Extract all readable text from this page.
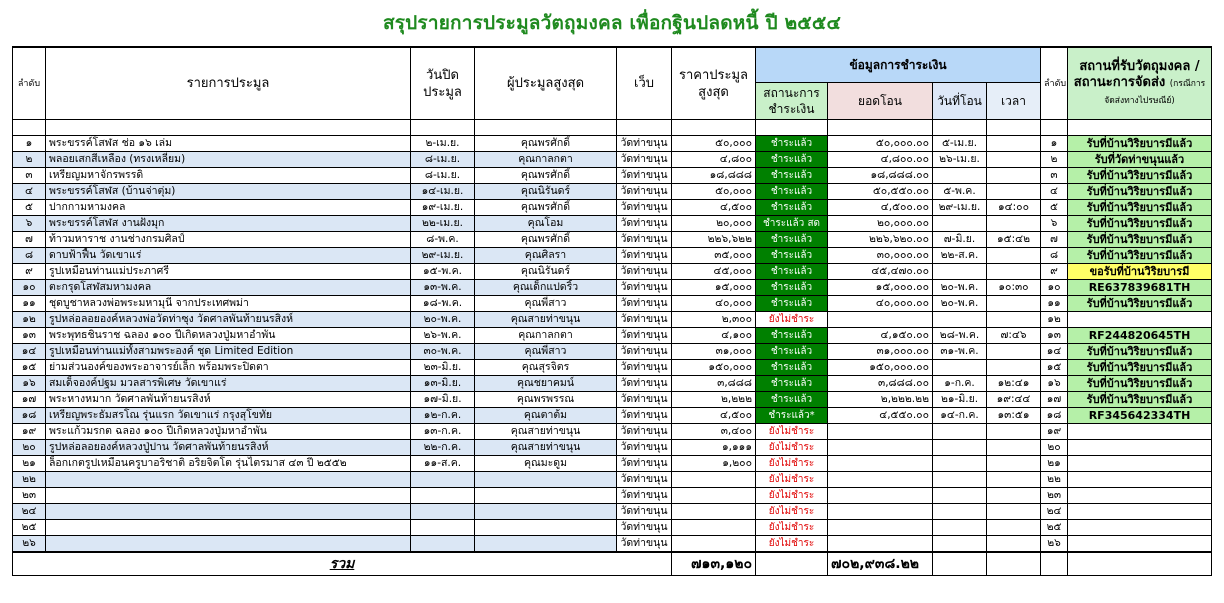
สรุปรายการประมูลวัตถุมงคล เพื่อกฐินปลดหนี้ ปี ๒๕๕๔
ลำดับ	รายการประมูล	วันปิดประมูล	ผู้ประมูลสูงสุด	เว็บ	ราคาประมูลสูงสุด	ข้อมูลการชำระเงิน				ลำดับ	สถานที่รับวัตถุมงคล / สถานะการจัดส่ง (กรณีการจัดส่งทางไปรษณีย์)
						สถานะการชำระเงิน	ยอดโอน	วันที่โอน	เวลา		

๑	พระขรรค์โสฬส ช่อ ๑๖ เล่ม	๒-เม.ย.	คุณพรศักดิ์	วัดท่าขนุน	๕๐,๐๐๐	ชำระแล้ว	๕๐,๐๐๐.๐๐	๕-เม.ย.		๑	รับที่บ้านวิริยบารมีแล้ว
๒	พลอยเสกสีเหลือง (ทรงเหลี่ยม)	๘-เม.ย.	คุณกาลกตา	วัดท่าขนุน	๔,๘๐๐	ชำระแล้ว	๔,๘๐๐.๐๐	๒๖-เม.ย.		๒	รับที่วัดท่าขนุนแล้ว
๓	เหรียญมหาจักรพรรดิ	๘-เม.ย.	คุณพรศักดิ์	วัดท่าขนุน	๑๘,๘๘๘	ชำระแล้ว	๑๘,๘๘๘.๐๐			๓	รับที่บ้านวิริยบารมีแล้ว
๔	พระขรรค์โสฬส (บ้านจ่าตุ่ม)	๑๔-เม.ย.	คุณนิรันดร์	วัดท่าขนุน	๕๐,๐๐๐	ชำระแล้ว	๕๐,๕๕๐.๐๐	๕-พ.ค.		๔	รับที่บ้านวิริยบารมีแล้ว
๕	ปากกามหามงคล	๑๙-เม.ย.	คุณพรศักดิ์	วัดท่าขนุน	๔,๕๐๐	ชำระแล้ว	๔,๕๐๐.๐๐	๒๙-เม.ย.	๑๔:๐๐	๕	รับที่บ้านวิริยบารมีแล้ว
๖	พระขรรค์โสฬส งานฝังมุก	๒๒-เม.ย.	คุณโอม	วัดท่าขนุน	๒๐,๐๐๐	ชำระแล้ว สด	๒๐,๐๐๐.๐๐			๖	รับที่บ้านวิริยบารมีแล้ว
๗	ท้าวมหาราช งานช่างกรมศิลป์	๘-พ.ค.	คุณพรศักดิ์	วัดท่าขนุน	๒๒๖,๖๒๒	ชำระแล้ว	๒๒๖,๖๒๐.๐๐	๗-มิ.ย.	๑๕:๔๒	๗	รับที่บ้านวิริยบารมีแล้ว
๘	ดาบฟ้าฟื้น วัดเขาแร่	๒๙-เม.ย.	คุณศิลรา	วัดท่าขนุน	๓๕,๐๐๐	ชำระแล้ว	๓๐,๐๐๐.๐๐	๒๒-ส.ค.		๘	รับที่บ้านวิริยบารมีแล้ว
๙	รูปเหมือนท่านแม่ประภาศรี	๑๕-พ.ค.	คุณนิรันดร์	วัดท่าขนุน	๔๕,๐๐๐	ชำระแล้ว	๔๕,๔๗๐.๐๐			๙	ขอรับที่บ้านวิริยบารมี
๑๐	ตะกรุดโสฬสมหามงคล	๑๓-พ.ค.	คุณเด็กแปดริ้ว	วัดท่าขนุน	๑๕,๐๐๐	ชำระแล้ว	๑๕,๐๐๐.๐๐	๒๐-พ.ค.	๑๐:๓๐	๑๐	RE637839681TH
๑๑	ชุดบูชาหลวงพ่อพระมหามุนี จากประเทศพม่า	๑๘-พ.ค.	คุณพี่สาว	วัดท่าขนุน	๔๐,๐๐๐	ชำระแล้ว	๔๐,๐๐๐.๐๐	๒๐-พ.ค.		๑๑	รับที่บ้านวิริยบารมีแล้ว
๑๒	รูปหล่อลอยองค์หลวงพ่อวัดท่าซุง วัดศาลพันท้ายนรสิงห์	๒๐-พ.ค.	คุณสายท่าขนุน	วัดท่าขนุน	๒,๓๐๐	ยังไม่ชำระ				๑๒	
๑๓	พระพุทธชินราช ฉลอง ๑๐๐ ปีเกิดหลวงปู่มหาอำพัน	๒๖-พ.ค.	คุณกาลกตา	วัดท่าขนุน	๔,๑๐๐	ชำระแล้ว	๔,๑๕๐.๐๐	๒๘-พ.ค.	๗:๔๖	๑๓	RF244820645TH
๑๔	รูปเหมือนท่านแม่ทั้งสามพระองค์ ชุด Limited Edition	๓๐-พ.ค.	คุณพี่สาว	วัดท่าขนุน	๓๑,๐๐๐	ชำระแล้ว	๓๑,๐๐๐.๐๐	๓๑-พ.ค.		๑๔	รับที่บ้านวิริยบารมีแล้ว
๑๕	ย่ามส่วนองค์ของพระอาจารย์เล็ก พร้อมพระปิดตา	๒๓-มิ.ย.	คุณสุรจิตร	วัดท่าขนุน	๑๕๐,๐๐๐	ชำระแล้ว	๑๕๐,๐๐๐.๐๐			๑๕	รับที่บ้านวิริยบารมีแล้ว
๑๖	สมเด็จองค์ปฐม มวลสารพิเศษ วัดเขาแร่	๑๓-มิ.ย.	คุณชยาคมน์	วัดท่าขนุน	๓,๘๘๘	ชำระแล้ว	๓,๘๘๘.๐๐	๑-ก.ค.	๑๒:๔๑	๑๖	รับที่บ้านวิริยบารมีแล้ว
๑๗	พระหางหมาก วัดศาลพันท้ายนรสิงห์	๑๗-มิ.ย.	คุณพรพรรณ	วัดท่าขนุน	๒,๒๒๒	ชำระแล้ว	๒,๒๒๒.๒๒	๒๑-มิ.ย.	๑๙:๔๔	๑๗	รับที่บ้านวิริยบารมีแล้ว
๑๘	เหรียญพระธัมสรโณ รุ่นแรก วัดเขาแร่ กรุงสุโขทัย	๑๒-ก.ค.	คุณตาต้ม	วัดท่าขนุน	๔,๕๐๐	ชำระแล้ว*	๔,๕๕๐.๐๐	๑๔-ก.ค.	๑๓:๕๑	๑๘	RF345642334TH
๑๙	พระแก้วมรกต ฉลอง ๑๐๐ ปีเกิดหลวงปู่มหาอำพัน	๑๓-ก.ค.	คุณสายท่าขนุน	วัดท่าขนุน	๓,๔๐๐	ยังไม่ชำระ				๑๙	
๒๐	รูปหล่อลอยองค์หลวงปู่ปาน วัดศาลพันท้ายนรสิงห์	๒๒-ก.ค.	คุณสายท่าขนุน	วัดท่าขนุน	๑,๑๑๑	ยังไม่ชำระ				๒๐	
๒๑	ล็อกเกตรูปเหมือนครูบาอริชาติ อริยจิตโต รุ่นไตรมาส ๔๓ ปี ๒๕๕๒	๑๑-ส.ค.	คุณมะดูม	วัดท่าขนุน	๑,๒๐๐	ยังไม่ชำระ				๒๑	
๒๒				วัดท่าขนุน		ยังไม่ชำระ				๒๒	
๒๓				วัดท่าขนุน		ยังไม่ชำระ				๒๓	
๒๔				วัดท่าขนุน		ยังไม่ชำระ				๒๔	
๒๕				วัดท่าขนุน		ยังไม่ชำระ				๒๕	
๒๖				วัดท่าขนุน		ยังไม่ชำระ				๒๖	
รวม					๗๑๓,๑๒๐		๗๐๒,๙๓๘.๒๒				
